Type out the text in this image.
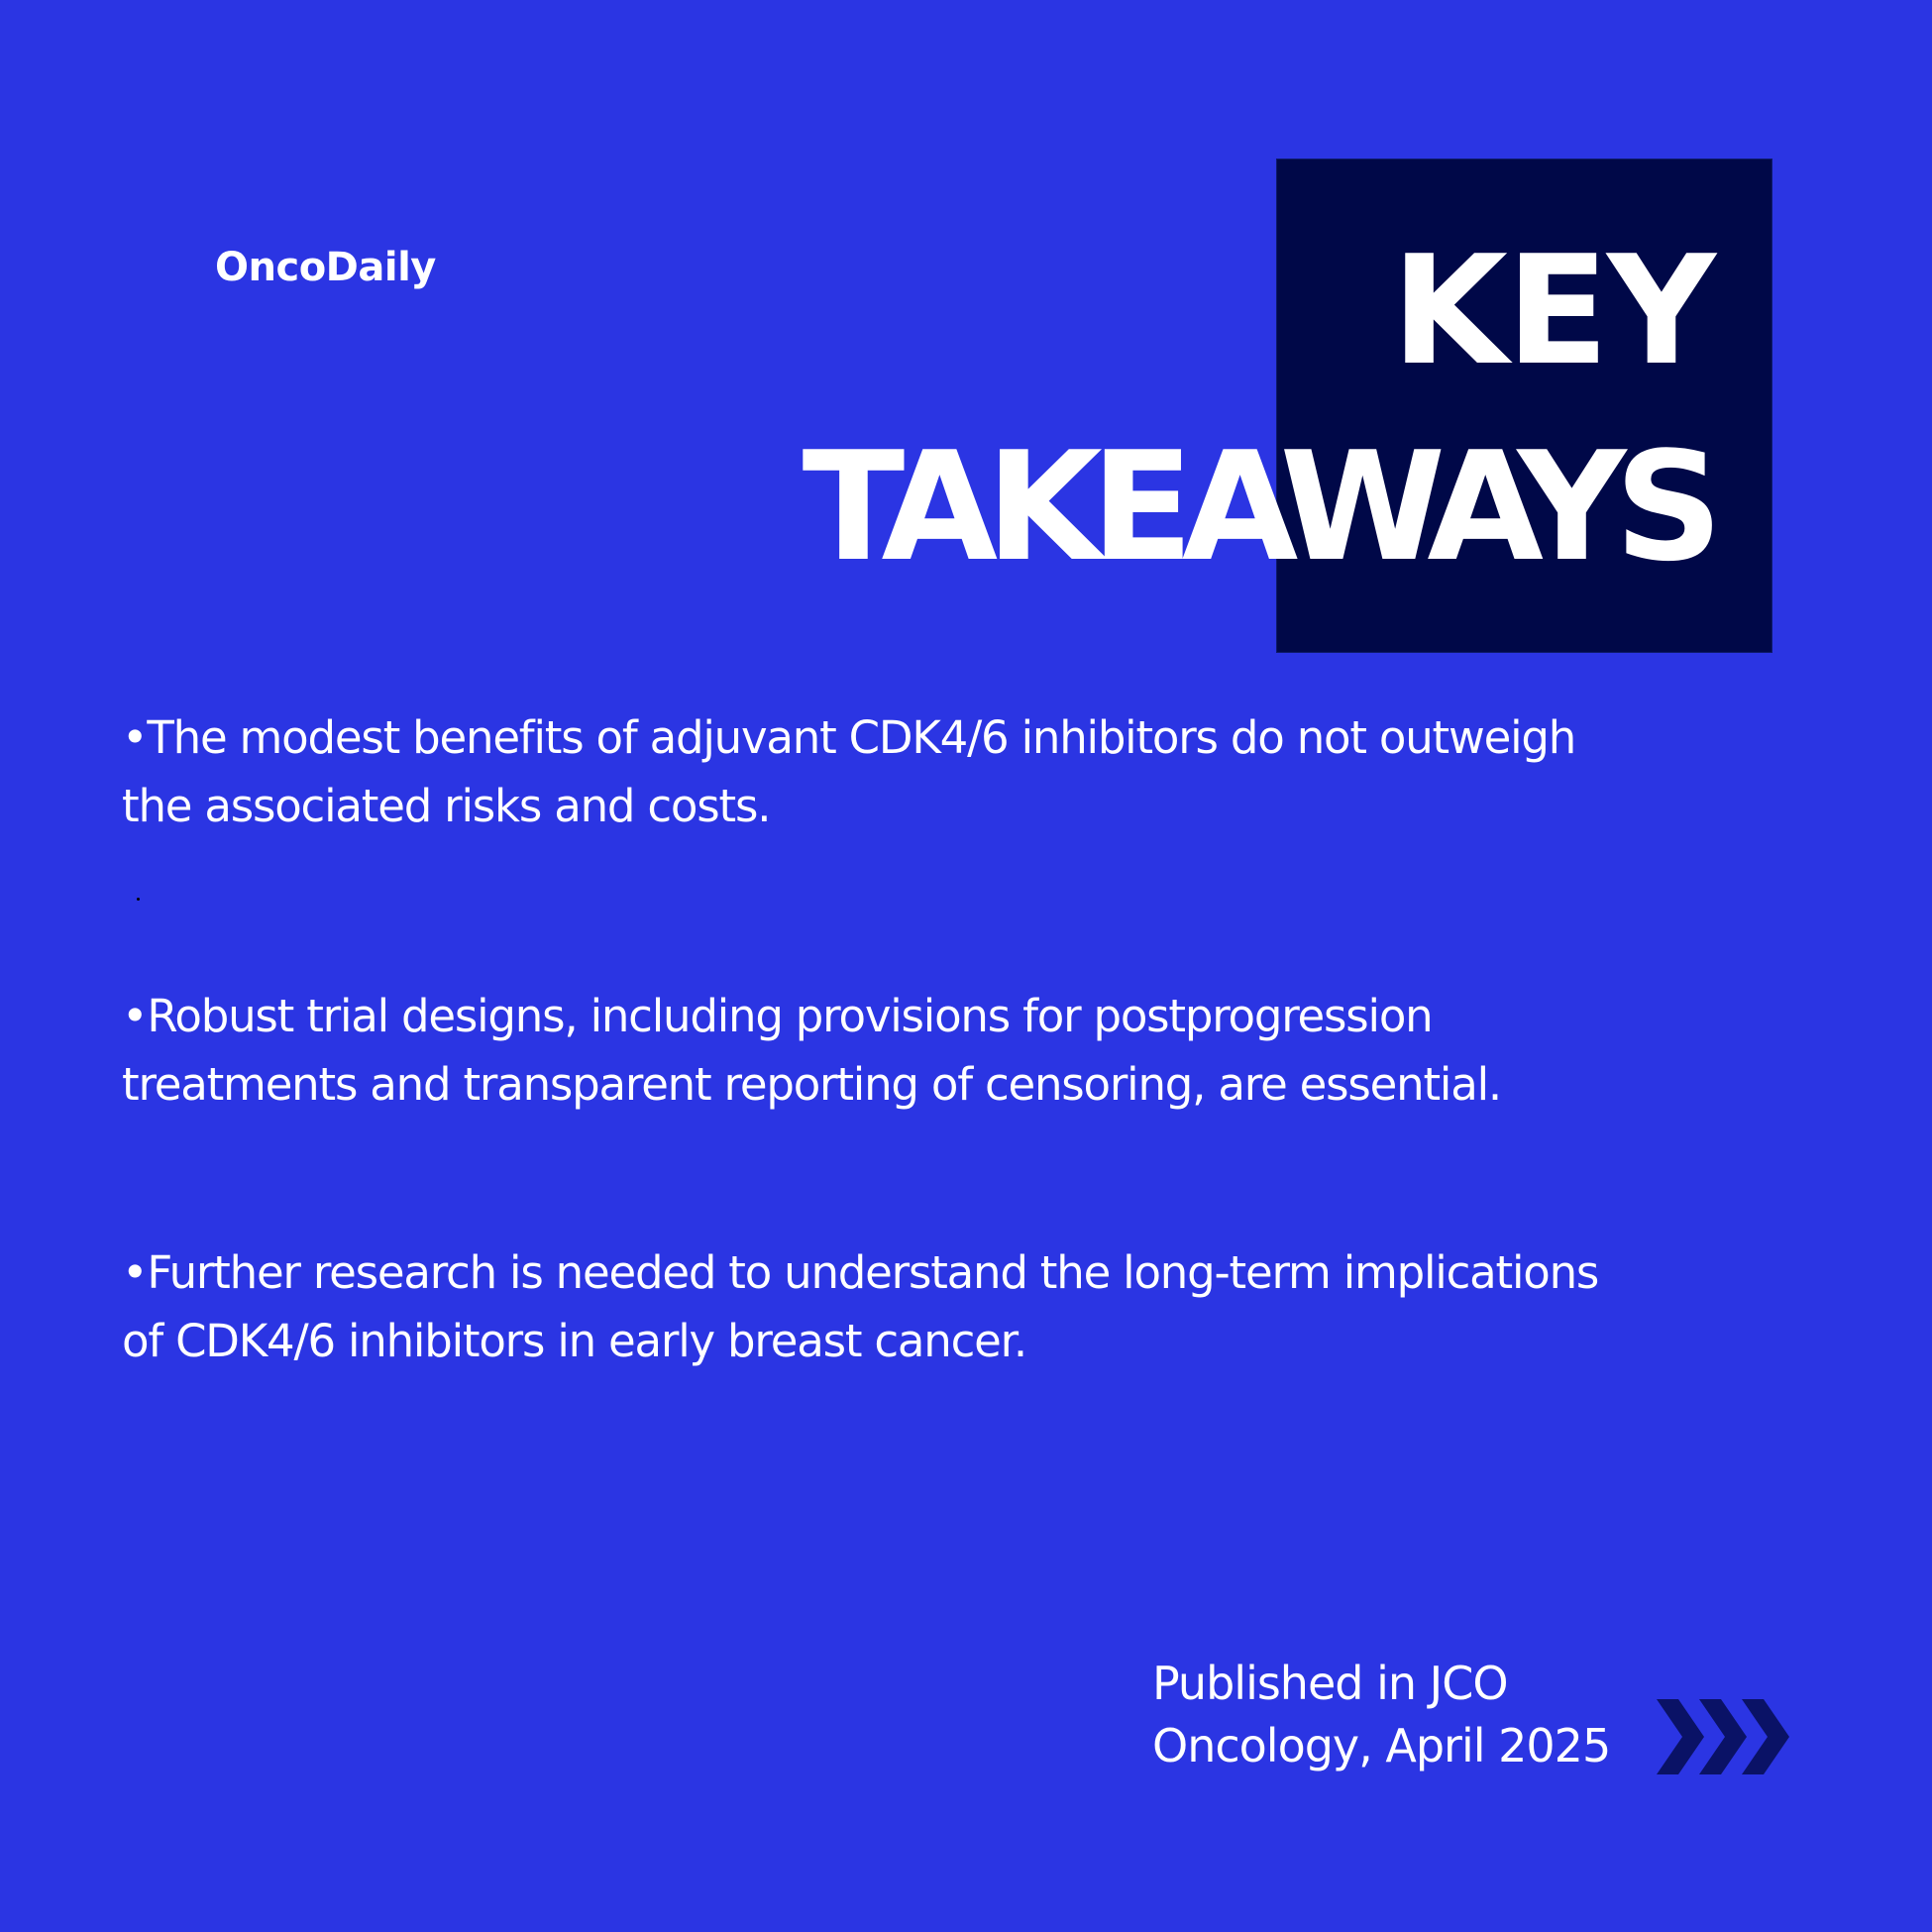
OncoDaily	KEY
TAKEAWAYS
•The modest benefits of adjuvant CDK4/6 inhibitors do not outweigh
the associated risks and costs.
•Robust trial designs, including provisions for postprogression
treatments and transparent reporting of censoring, are essential.
•Further research is needed to understand the long-term implications
of CDK4/6 inhibitors in early breast cancer.
Published in JCO
Oncology, April 2025
